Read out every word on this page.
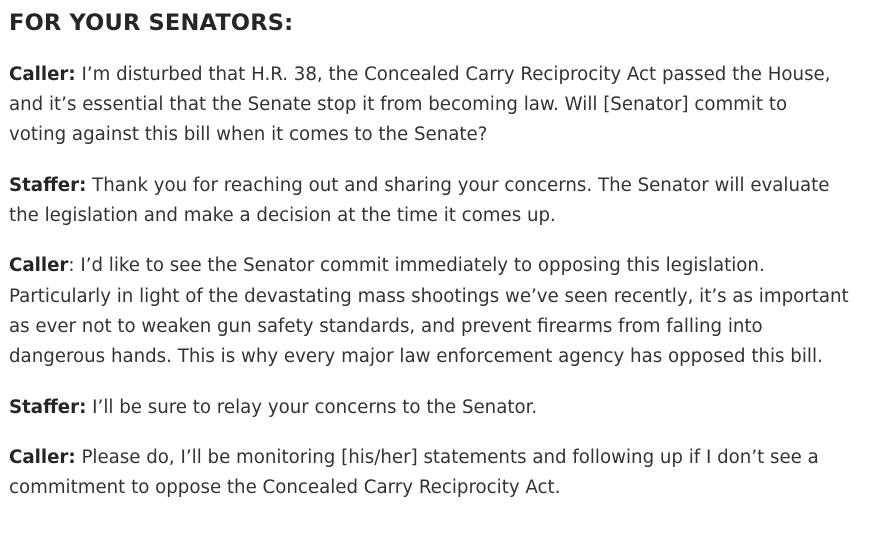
FOR YOUR SENATORS:

Caller: I’m disturbed that H.R. 38, the Concealed Carry Reciprocity Act passed the House, and it’s essential that the Senate stop it from becoming law. Will [Senator] commit to voting against this bill when it comes to the Senate?

Staffer: Thank you for reaching out and sharing your concerns. The Senator will evaluate the legislation and make a decision at the time it comes up.

Caller: I’d like to see the Senator commit immediately to opposing this legislation. Particularly in light of the devastating mass shootings we’ve seen recently, it’s as important as ever not to weaken gun safety standards, and prevent firearms from falling into dangerous hands. This is why every major law enforcement agency has opposed this bill.

Staffer: I’ll be sure to relay your concerns to the Senator.

Caller: Please do, I’ll be monitoring [his/her] statements and following up if I don’t see a commitment to oppose the Concealed Carry Reciprocity Act.
